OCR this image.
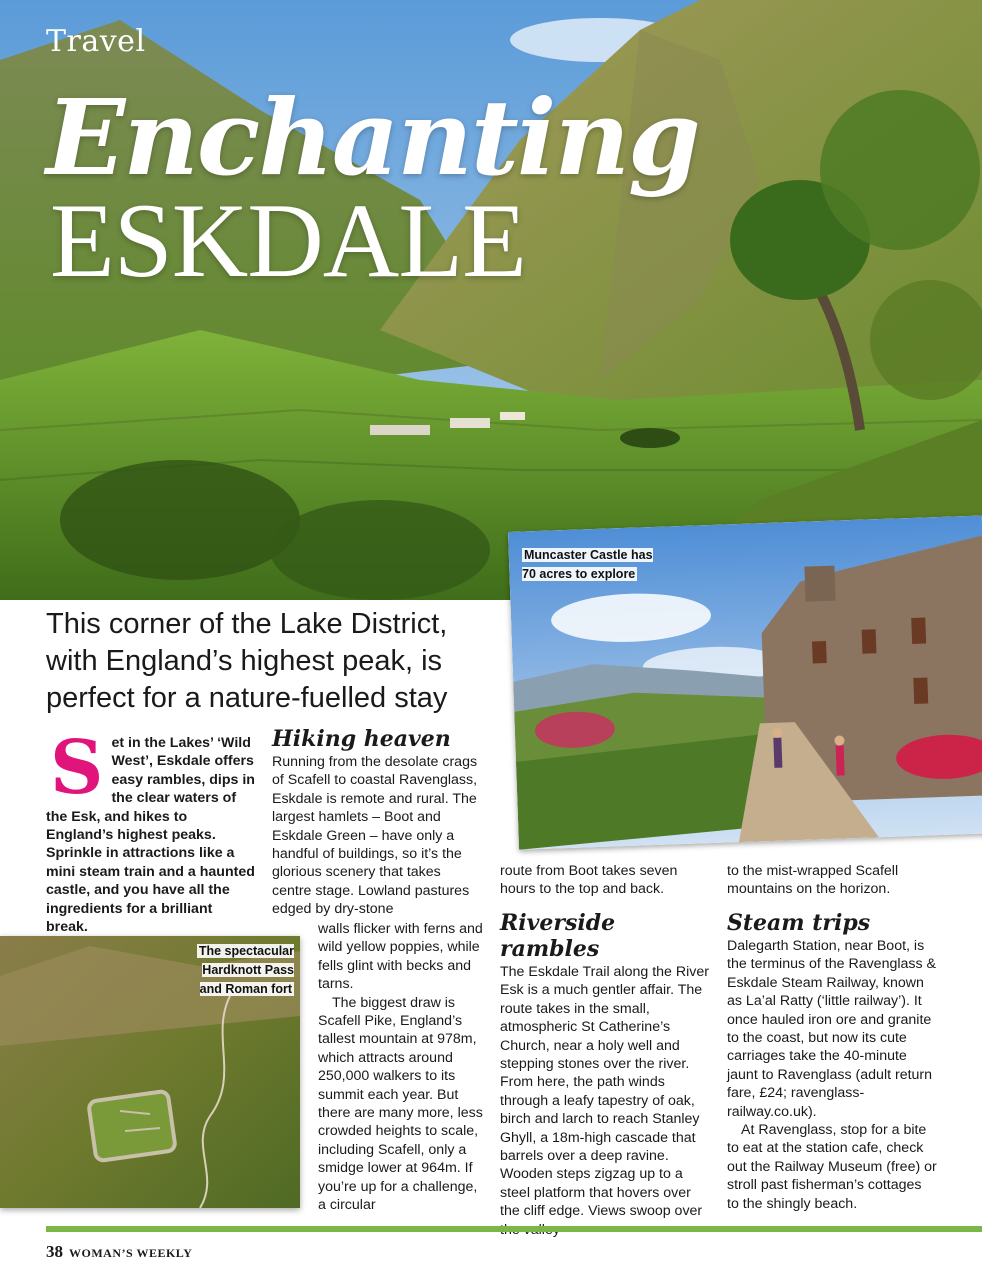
Travel
Enchanting
ESKDALE
This corner of the Lake District, with England’s highest peak, is perfect for a nature-fuelled stay
Muncaster Castle has 70 acres to explore
The spectacular Hardknott Pass and Roman fort
Set in the Lakes’ ‘Wild West’, Eskdale offers easy rambles, dips in the clear waters of the Esk, and hikes to England’s highest peaks. Sprinkle in attractions like a mini steam train and a haunted castle, and you have all the ingredients for a brilliant break.
Hiking heaven

Running from the desolate crags of Scafell to coastal Ravenglass, Eskdale is remote and rural. The largest hamlets – Boot and Eskdale Green – have only a handful of buildings, so it’s the glorious scenery that takes centre stage. Lowland pastures edged by dry-stone

walls flicker with ferns and wild yellow poppies, while fells glint with becks and tarns.

The biggest draw is Scafell Pike, England’s tallest mountain at 978m, which attracts around 250,000 walkers to its summit each year. But there are many more, less crowded heights to scale, including Scafell, only a smidge lower at 964m. If you’re up for a challenge, a circular

route from Boot takes seven hours to the top and back.
Riverside rambles

The Eskdale Trail along the River Esk is a much gentler affair. The route takes in the small, atmospheric St Catherine’s Church, near a holy well and stepping stones over the river. From here, the path winds through a leafy tapestry of oak, birch and larch to reach Stanley Ghyll, a 18m-high cascade that barrels over a deep ravine. Wooden steps zigzag up to a steel platform that hovers over the cliff edge. Views swoop over

to the mist-wrapped Scafell mountains on the horizon.
Steam trips

Dalegarth Station, near Boot, is the terminus of the Ravenglass & Eskdale Steam Railway, known as La’al Ratty (‘little railway’). It once hauled iron ore and granite to the coast, but now its cute carriages take the 40-minute jaunt to Ravenglass (adult return fare, £24; ravenglass-railway.co.uk).

At Ravenglass, stop for a bite to eat at the station cafe, check out the Railway Museum (free) or stroll past fisherman’s cottages to the shingly beach.

38 WOMAN’S WEEKLY
